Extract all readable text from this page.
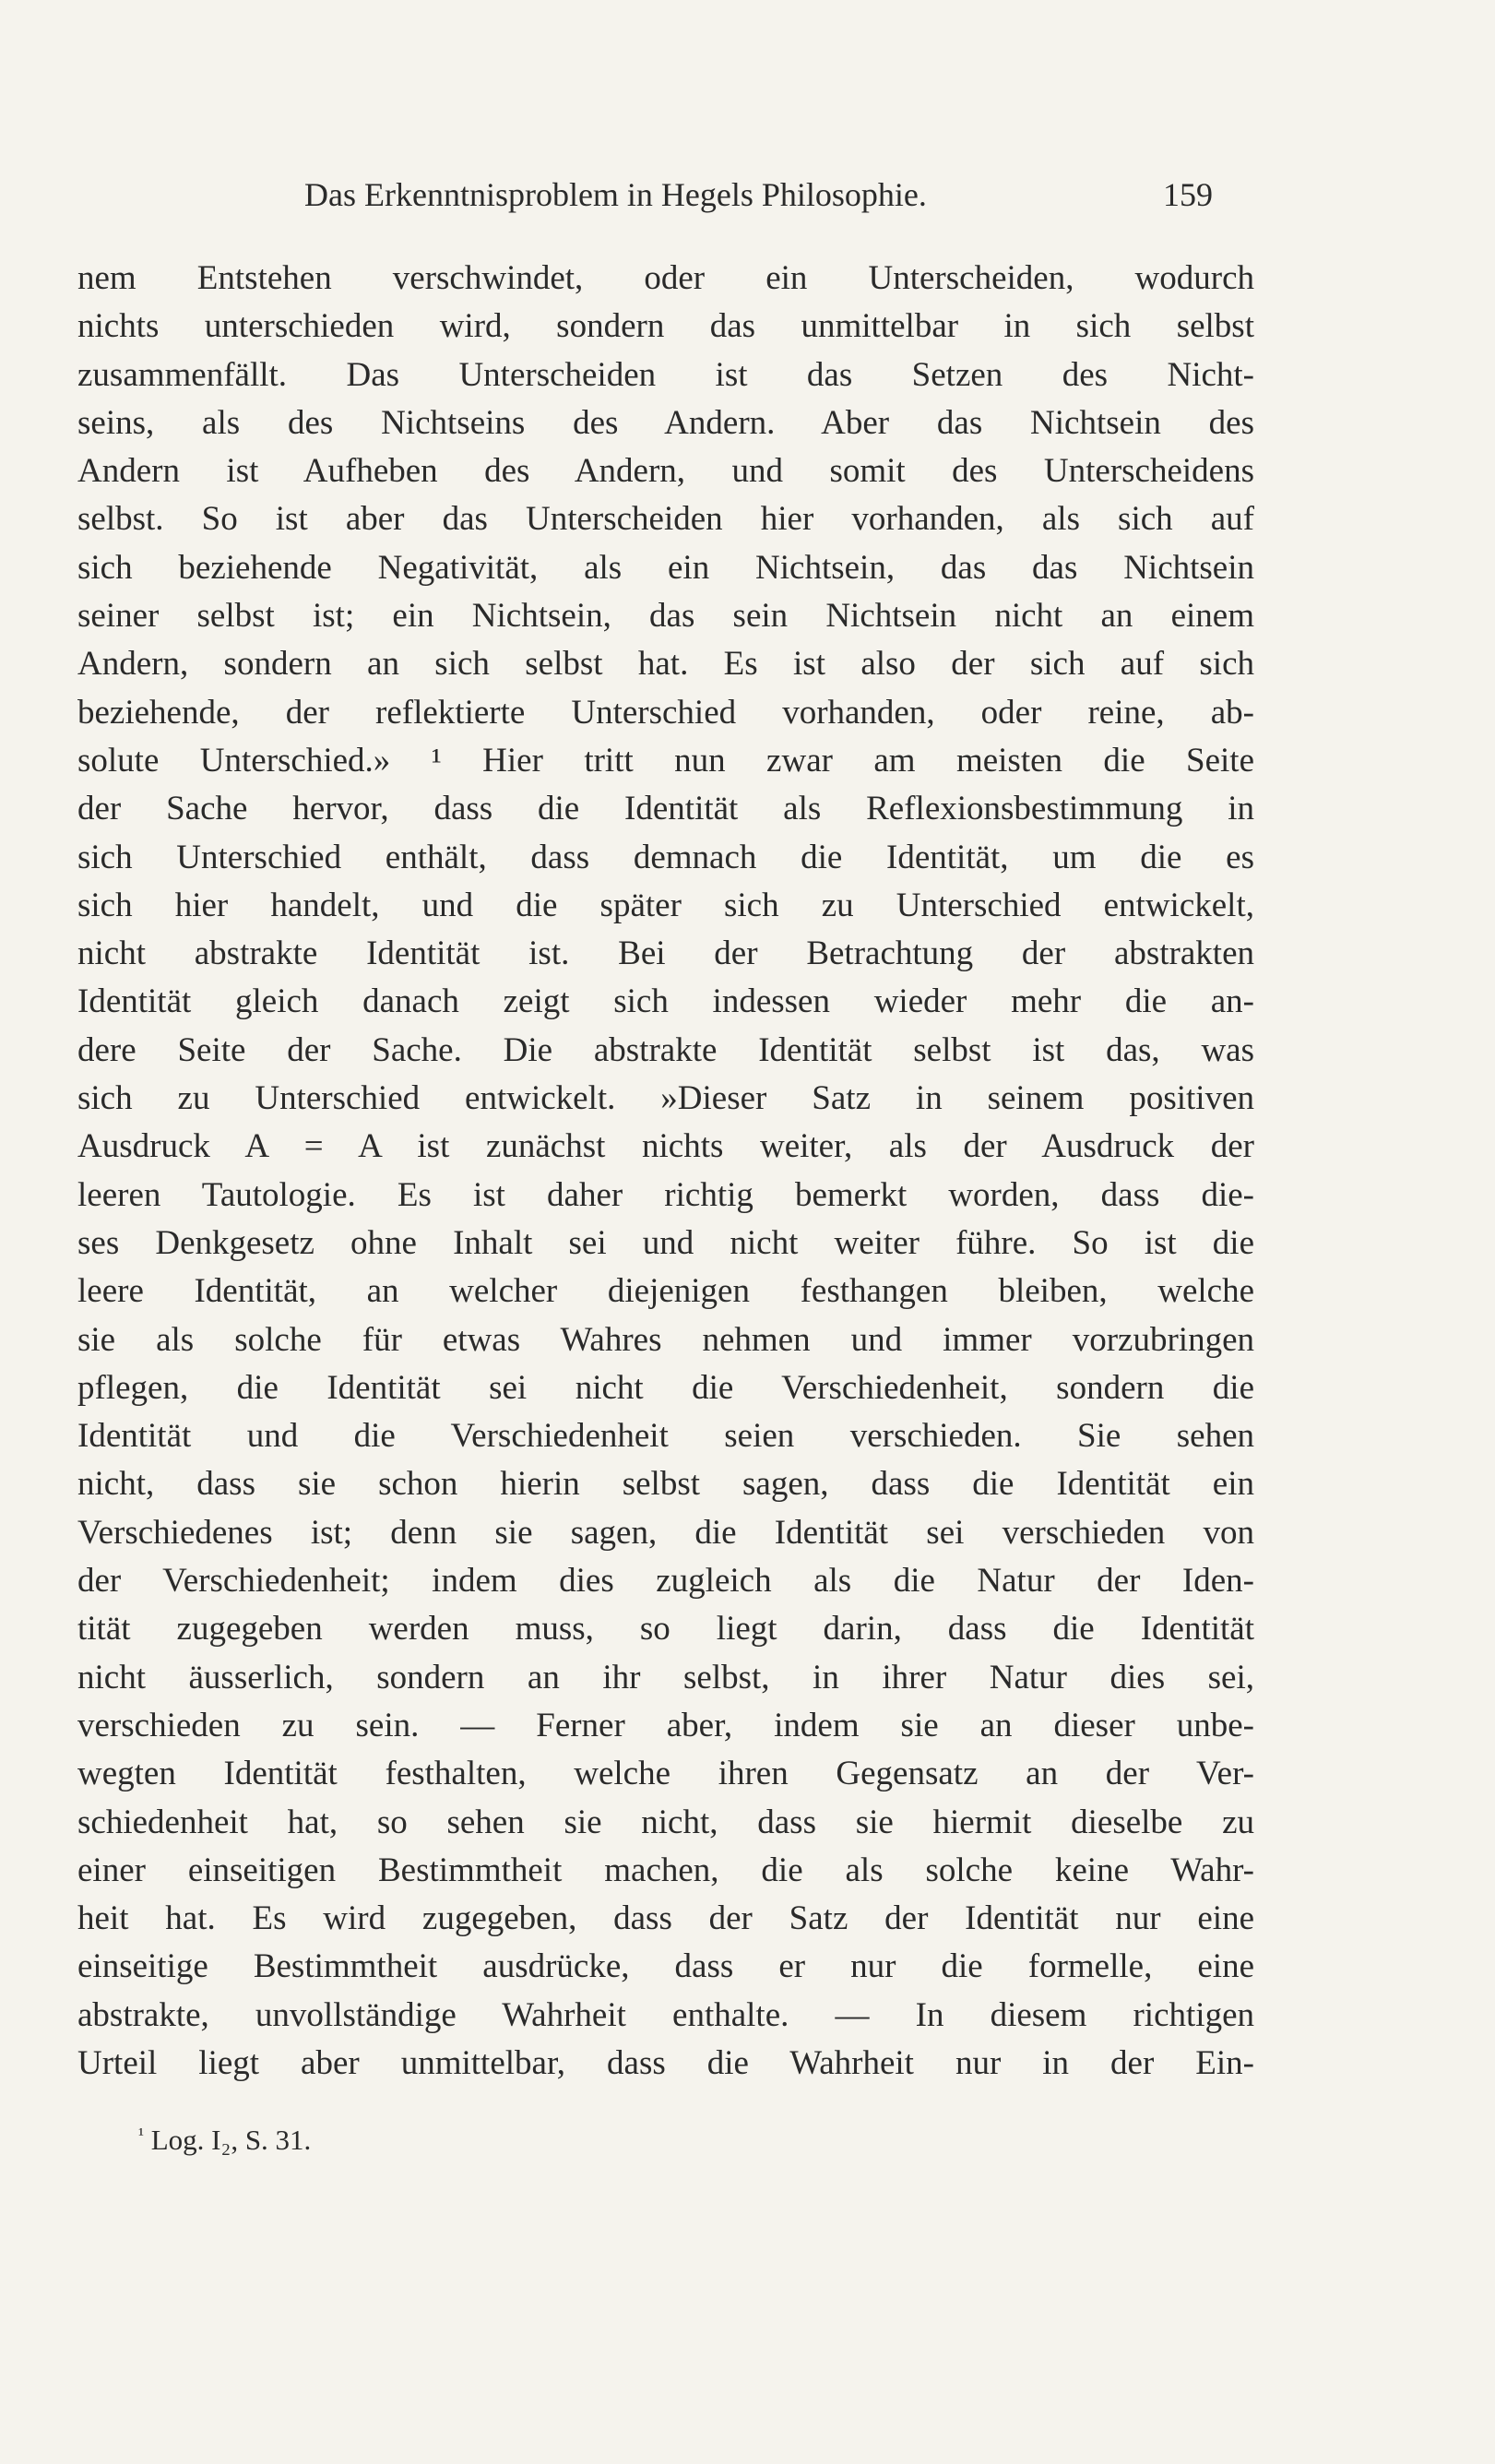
Das Erkenntnisproblem in Hegels Philosophie.	159
nem Entstehen verschwindet, oder ein Unterscheiden, wodurch
nichts unterschieden wird, sondern das unmittelbar in sich selbst
zusammenfällt. Das Unterscheiden ist das Setzen des Nicht-
seins, als des Nichtseins des Andern. Aber das Nichtsein des
Andern ist Aufheben des Andern, und somit des Unterscheidens
selbst. So ist aber das Unterscheiden hier vorhanden, als sich auf
sich beziehende Negativität, als ein Nichtsein, das das Nichtsein
seiner selbst ist; ein Nichtsein, das sein Nichtsein nicht an einem
Andern, sondern an sich selbst hat. Es ist also der sich auf sich
beziehende, der reflektierte Unterschied vorhanden, oder reine, ab-
solute Unterschied.» ¹ Hier tritt nun zwar am meisten die Seite
der Sache hervor, dass die Identität als Reflexionsbestimmung in
sich Unterschied enthält, dass demnach die Identität, um die es
sich hier handelt, und die später sich zu Unterschied entwickelt,
nicht abstrakte Identität ist. Bei der Betrachtung der abstrakten
Identität gleich danach zeigt sich indessen wieder mehr die an-
dere Seite der Sache. Die abstrakte Identität selbst ist das, was
sich zu Unterschied entwickelt. »Dieser Satz in seinem positiven
Ausdruck A = A ist zunächst nichts weiter, als der Ausdruck der
leeren Tautologie. Es ist daher richtig bemerkt worden, dass die-
ses Denkgesetz ohne Inhalt sei und nicht weiter führe. So ist die
leere Identität, an welcher diejenigen festhangen bleiben, welche
sie als solche für etwas Wahres nehmen und immer vorzubringen
pflegen, die Identität sei nicht die Verschiedenheit, sondern die
Identität und die Verschiedenheit seien verschieden. Sie sehen
nicht, dass sie schon hierin selbst sagen, dass die Identität ein
Verschiedenes ist; denn sie sagen, die Identität sei verschieden von
der Verschiedenheit; indem dies zugleich als die Natur der Iden-
tität zugegeben werden muss, so liegt darin, dass die Identität
nicht äusserlich, sondern an ihr selbst, in ihrer Natur dies sei,
verschieden zu sein. — Ferner aber, indem sie an dieser unbe-
wegten Identität festhalten, welche ihren Gegensatz an der Ver-
schiedenheit hat, so sehen sie nicht, dass sie hiermit dieselbe zu
einer einseitigen Bestimmtheit machen, die als solche keine Wahr-
heit hat. Es wird zugegeben, dass der Satz der Identität nur eine
einseitige Bestimmtheit ausdrücke, dass er nur die formelle, eine
abstrakte, unvollständige Wahrheit enthalte. — In diesem richtigen
Urteil liegt aber unmittelbar, dass die Wahrheit nur in der Ein-
$^{^1}$ Log. I₂, S. 31.
